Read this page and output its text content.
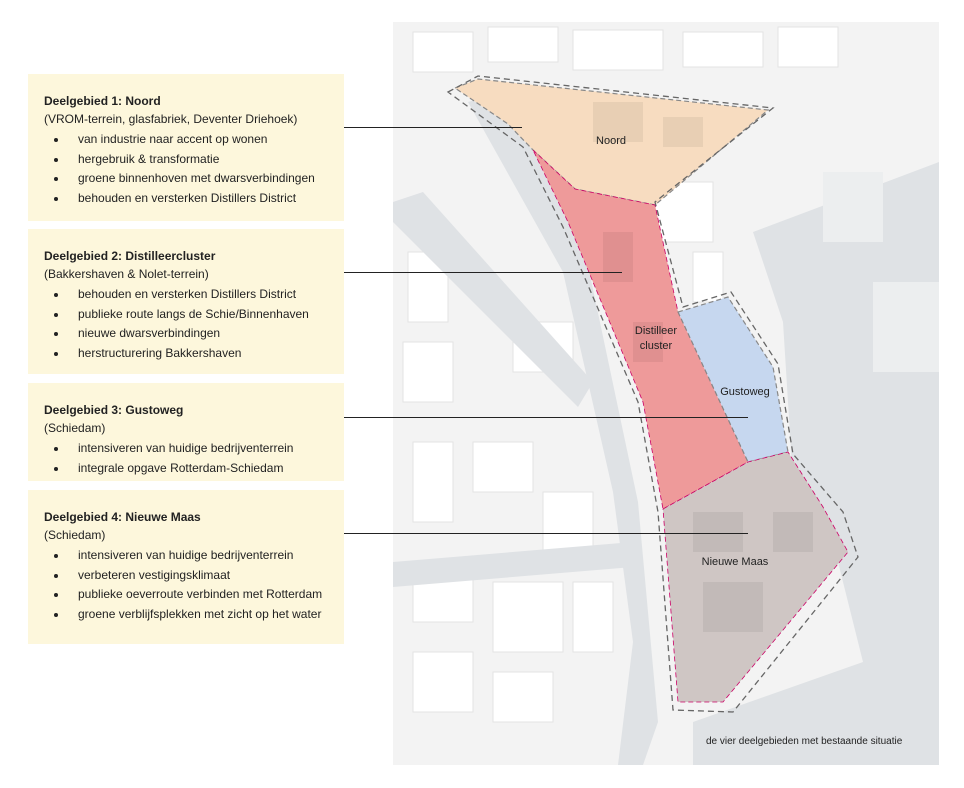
Deelgebied 1: Noord

(VROM-terrein, glasfabriek, Deventer Driehoek)

van industrie naar accent op wonen
hergebruik & transformatie
groene binnenhoven met dwarsverbindingen
behouden en versterken Distillers District
Deelgebied 2: Distilleercluster

(Bakkershaven & Nolet-terrein)

behouden en versterken Distillers District
publieke route langs de Schie/Binnenhaven
nieuwe dwarsverbindingen
herstructurering Bakkershaven
Deelgebied 3: Gustoweg

(Schiedam)

intensiveren van huidige bedrijventerrein
integrale opgave Rotterdam-Schiedam
Deelgebied 4: Nieuwe Maas

(Schiedam)

intensiveren van huidige bedrijventerrein
verbeteren vestigingsklimaat
publieke oeverroute verbinden met Rotterdam
groene verblijfsplekken met zicht op het water
Noord
Distilleer
cluster
Gustoweg
Nieuwe Maas
de vier deelgebieden met bestaande situatie
